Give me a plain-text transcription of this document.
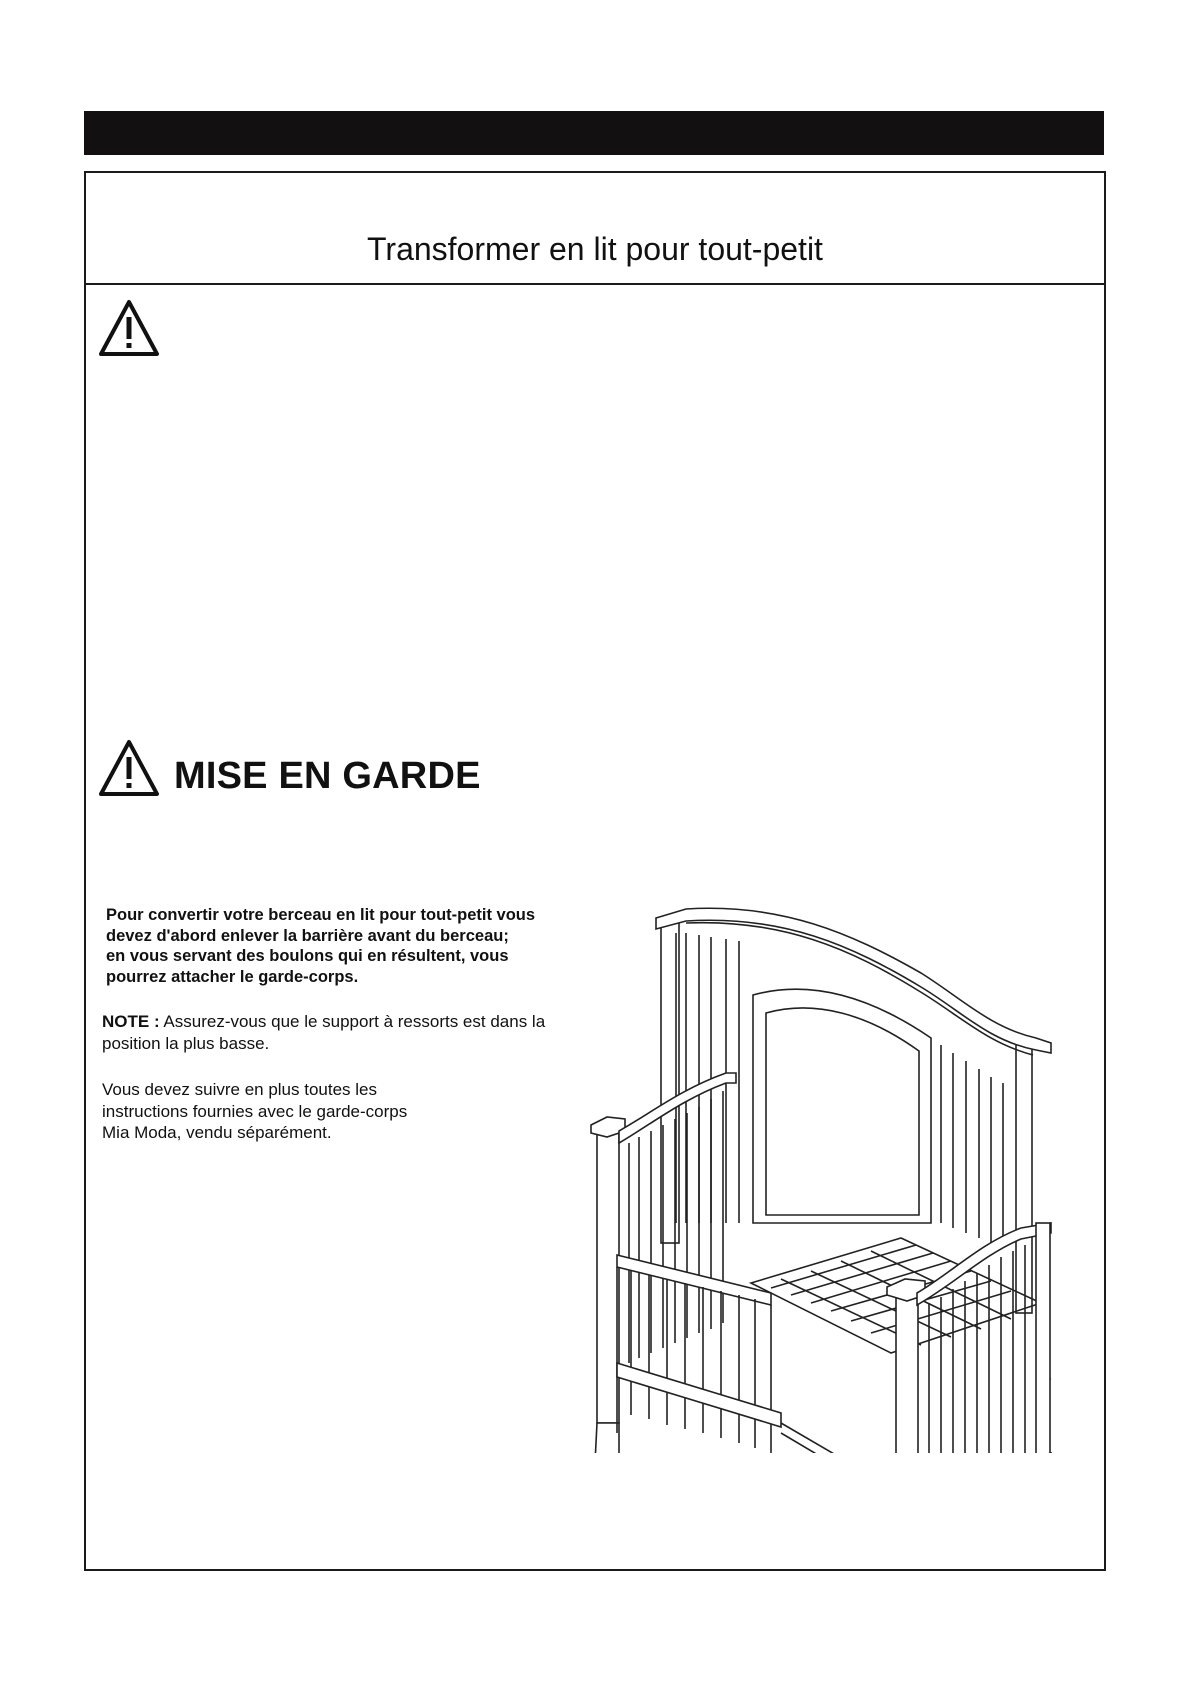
Transformer en lit pour tout-petit
MISE EN GARDE
Pour convertir votre berceau en lit pour tout-petit vous
devez d'abord enlever la barrière avant du berceau;
en vous servant des boulons qui en résultent, vous
pourrez attacher le garde-corps.
NOTE : Assurez-vous que le support à ressorts est dans la position la plus basse.
Vous devez suivre en plus toutes les
instructions fournies avec le garde-corps
Mia Moda, vendu séparément.
